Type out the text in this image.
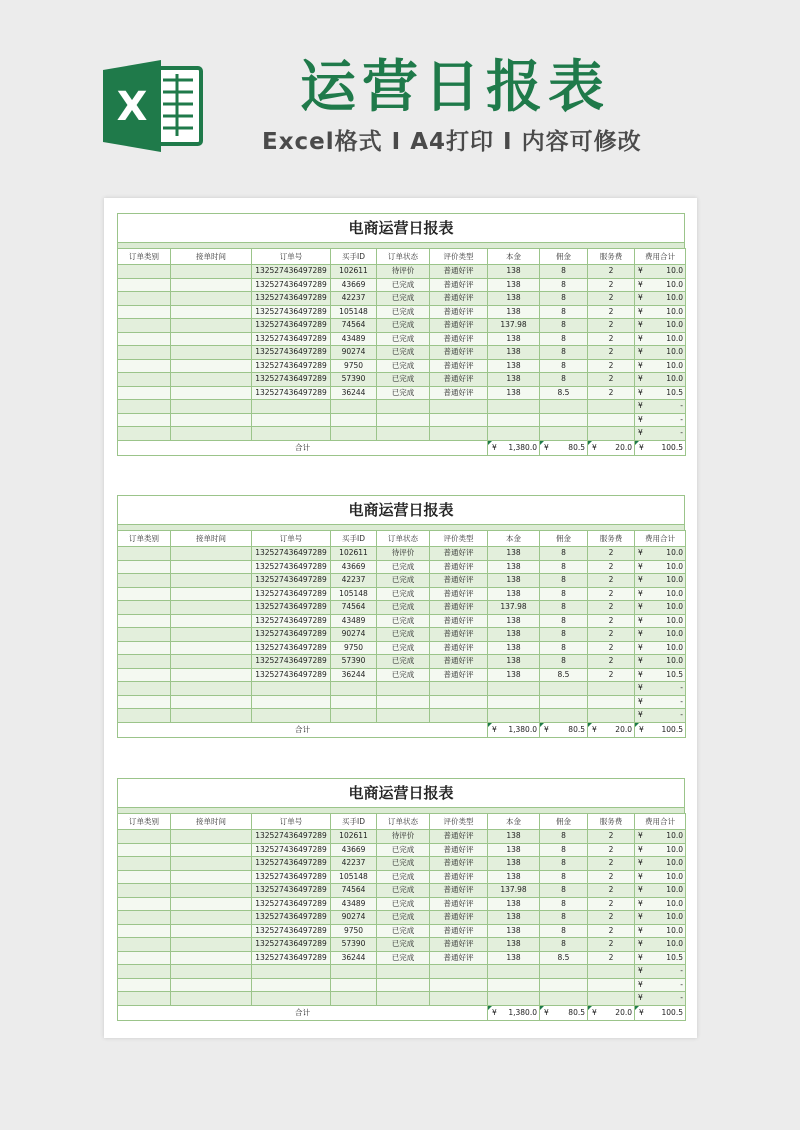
X	运营日报表
Excel格式 I A4打印 I 内容可修改
电商运营日报表
订单类别	接单时间	订单号	买手ID	订单状态	评价类型	本金	佣金	服务费	费用合计
		132527436497289	102611	待评价	普通好评	138	8	2	¥ 10.0
		132527436497289	43669	已完成	普通好评	138	8	2	¥ 10.0
		132527436497289	42237	已完成	普通好评	138	8	2	¥ 10.0
		132527436497289	105148	已完成	普通好评	138	8	2	¥ 10.0
		132527436497289	74564	已完成	普通好评	137.98	8	2	¥ 10.0
		132527436497289	43489	已完成	普通好评	138	8	2	¥ 10.0
		132527436497289	90274	已完成	普通好评	138	8	2	¥ 10.0
		132527436497289	9750	已完成	普通好评	138	8	2	¥ 10.0
		132527436497289	57390	已完成	普通好评	138	8	2	¥ 10.0
		132527436497289	36244	已完成	普通好评	138	8.5	2	¥ 10.5

									¥ -

									¥ -

									¥ -
合计						¥ 1,380.0	¥ 80.5	¥ 20.0	¥ 100.5
电商运营日报表
订单类别	接单时间	订单号	买手ID	订单状态	评价类型	本金	佣金	服务费	费用合计
		132527436497289	102611	待评价	普通好评	138	8	2	¥ 10.0
		132527436497289	43669	已完成	普通好评	138	8	2	¥ 10.0
		132527436497289	42237	已完成	普通好评	138	8	2	¥ 10.0
		132527436497289	105148	已完成	普通好评	138	8	2	¥ 10.0
		132527436497289	74564	已完成	普通好评	137.98	8	2	¥ 10.0
		132527436497289	43489	已完成	普通好评	138	8	2	¥ 10.0
		132527436497289	90274	已完成	普通好评	138	8	2	¥ 10.0
		132527436497289	9750	已完成	普通好评	138	8	2	¥ 10.0
		132527436497289	57390	已完成	普通好评	138	8	2	¥ 10.0
		132527436497289	36244	已完成	普通好评	138	8.5	2	¥ 10.5

									¥ -

									¥ -

									¥ -
合计						¥ 1,380.0	¥ 80.5	¥ 20.0	¥ 100.5
电商运营日报表
订单类别	接单时间	订单号	买手ID	订单状态	评价类型	本金	佣金	服务费	费用合计
		132527436497289	102611	待评价	普通好评	138	8	2	¥ 10.0
		132527436497289	43669	已完成	普通好评	138	8	2	¥ 10.0
		132527436497289	42237	已完成	普通好评	138	8	2	¥ 10.0
		132527436497289	105148	已完成	普通好评	138	8	2	¥ 10.0
		132527436497289	74564	已完成	普通好评	137.98	8	2	¥ 10.0
		132527436497289	43489	已完成	普通好评	138	8	2	¥ 10.0
		132527436497289	90274	已完成	普通好评	138	8	2	¥ 10.0
		132527436497289	9750	已完成	普通好评	138	8	2	¥ 10.0
		132527436497289	57390	已完成	普通好评	138	8	2	¥ 10.0
		132527436497289	36244	已完成	普通好评	138	8.5	2	¥ 10.5

									¥ -

									¥ -

									¥ -
合计						¥ 1,380.0	¥ 80.5	¥ 20.0	¥ 100.5
